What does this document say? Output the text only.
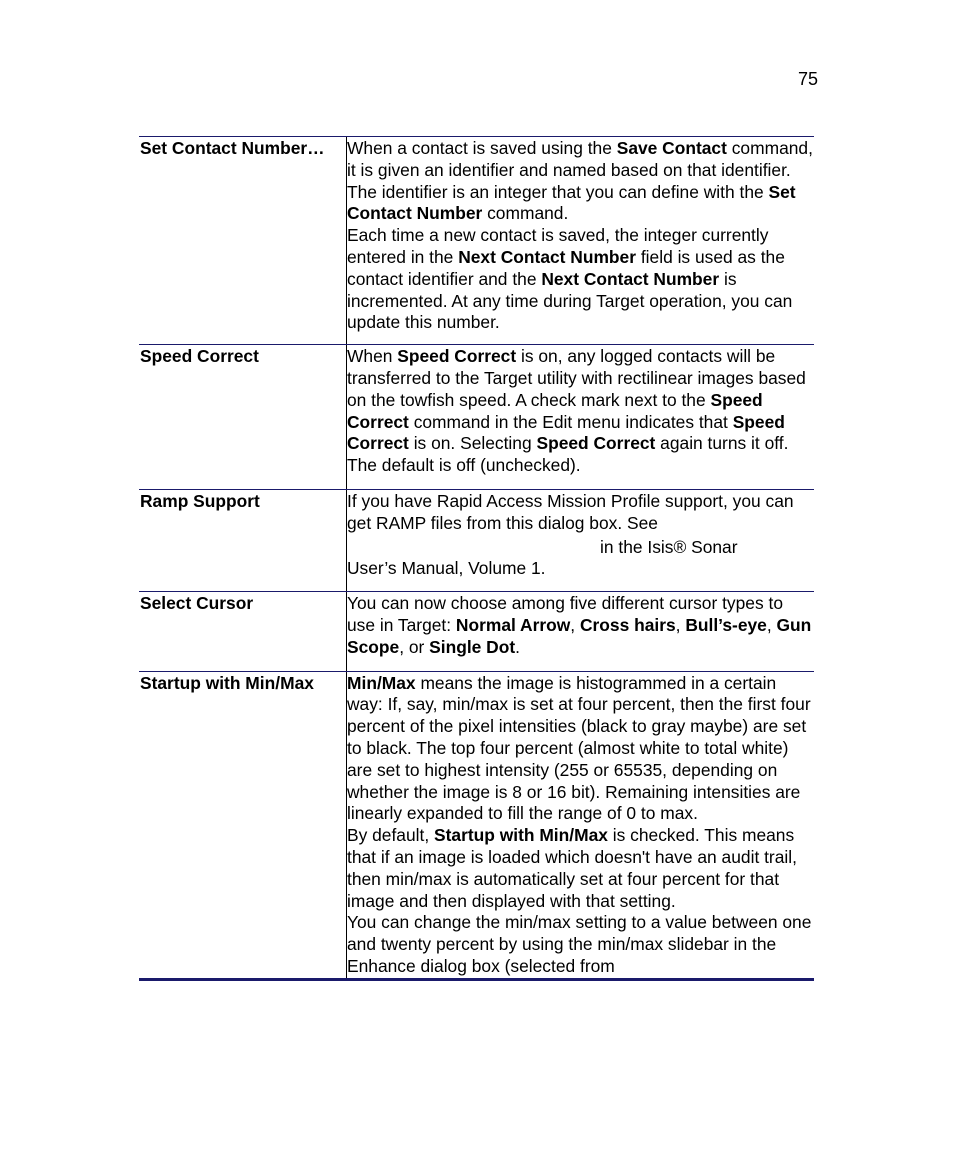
75
Set Contact Number…	When a contact is saved using the Save Contact command, it is given an identifier and named based on that identifier. The identifier is an integer that you can define with the Set Contact Number command.

Each time a new contact is saved, the integer currently entered in the Next Contact Number field is used as the contact identifier and the Next Contact Number is incremented. At any time during Target operation, you can update this number.

Speed Correct	When Speed Correct is on, any logged contacts will be transferred to the Target utility with rectilinear images based on the towfish speed. A check mark next to the Speed Correct command in the Edit menu indicates that Speed Correct is on. Selecting Speed Correct again turns it off. The default is off (unchecked).

Ramp Support	If you have Rapid Access Mission Profile support, you can get RAMP files from this dialog box. See

in the Isis® Sonar

User’s Manual, Volume 1.

Select Cursor	You can now choose among five different cursor types to use in Target: Normal Arrow, Cross hairs, Bull’s-eye, Gun Scope, or Single Dot.

Startup with Min/Max	Min/Max means the image is histogrammed in a certain way: If, say, min/max is set at four percent, then the first four percent of the pixel intensities (black to gray maybe) are set to black. The top four percent (almost white to total white) are set to highest intensity (255 or 65535, depending on whether the image is 8 or 16 bit). Remaining intensities are linearly expanded to fill the range of 0 to max.

By default, Startup with Min/Max is checked. This means that if an image is loaded which doesn't have an audit trail, then min/max is automatically set at four percent for that image and then displayed with that setting.

You can change the min/max setting to a value between one and twenty percent by using the min/max slidebar in the Enhance dialog box (selected from
